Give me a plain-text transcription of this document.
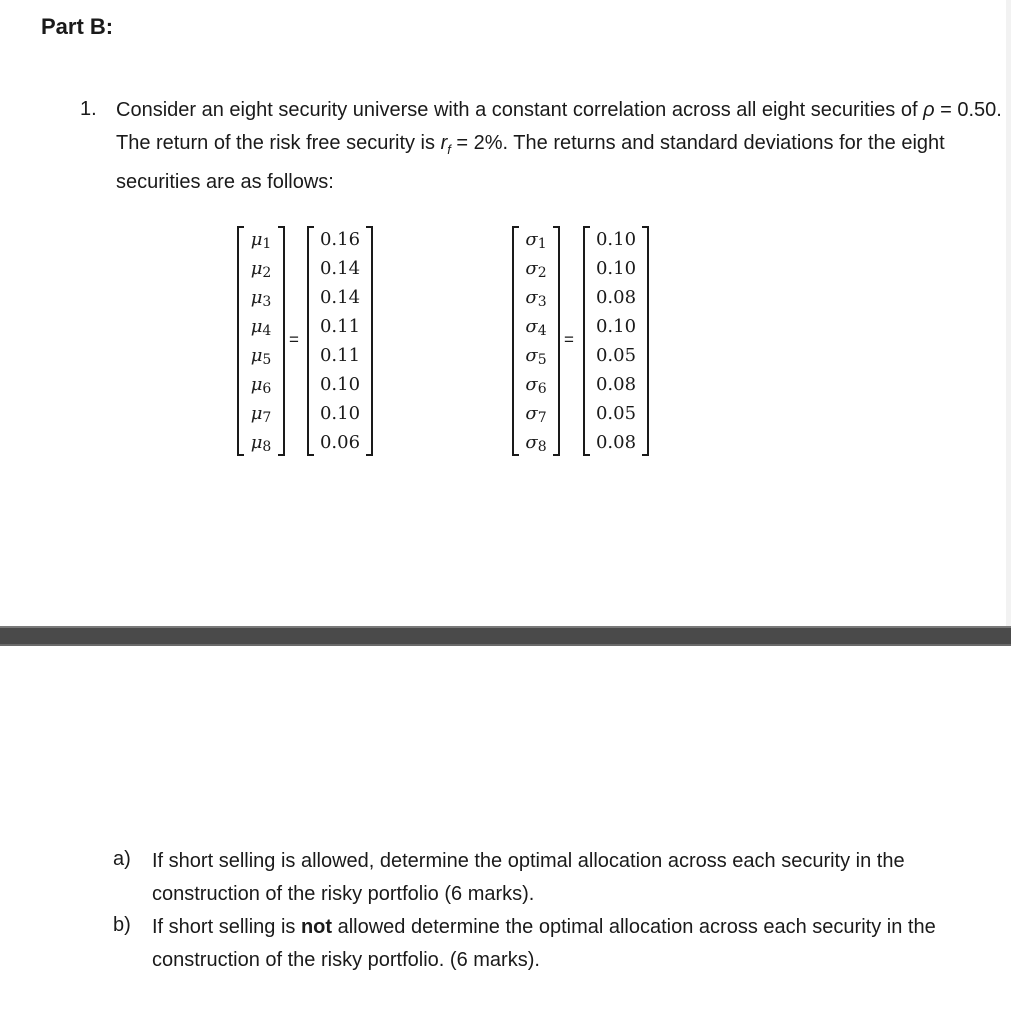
Part B:
1. Consider an eight security universe with a constant correlation across all eight securities of ρ = 0.50. The return of the risk free security is $r_f = 2\%$. The returns and standard deviations for the eight securities are as follows:
$\mu_1$
$\mu_2$
$\mu_3$
$\mu_4$
$\mu_5$
$\mu_6$
$\mu_7$
$\mu_8$
=
0.16
0.14
0.14
0.11
0.11
0.10
0.10
0.06
$\sigma_1$
$\sigma_2$
$\sigma_3$
$\sigma_4$
$\sigma_5$
$\sigma_6$
$\sigma_7$
$\sigma_8$
=
0.10
0.10
0.08
0.10
0.05
0.08
0.05
0.08
a) If short selling is allowed, determine the optimal allocation across each security in the construction of the risky portfolio (6 marks).
b) If short selling is not allowed determine the optimal allocation across each security in the construction of the risky portfolio. (6 marks).
